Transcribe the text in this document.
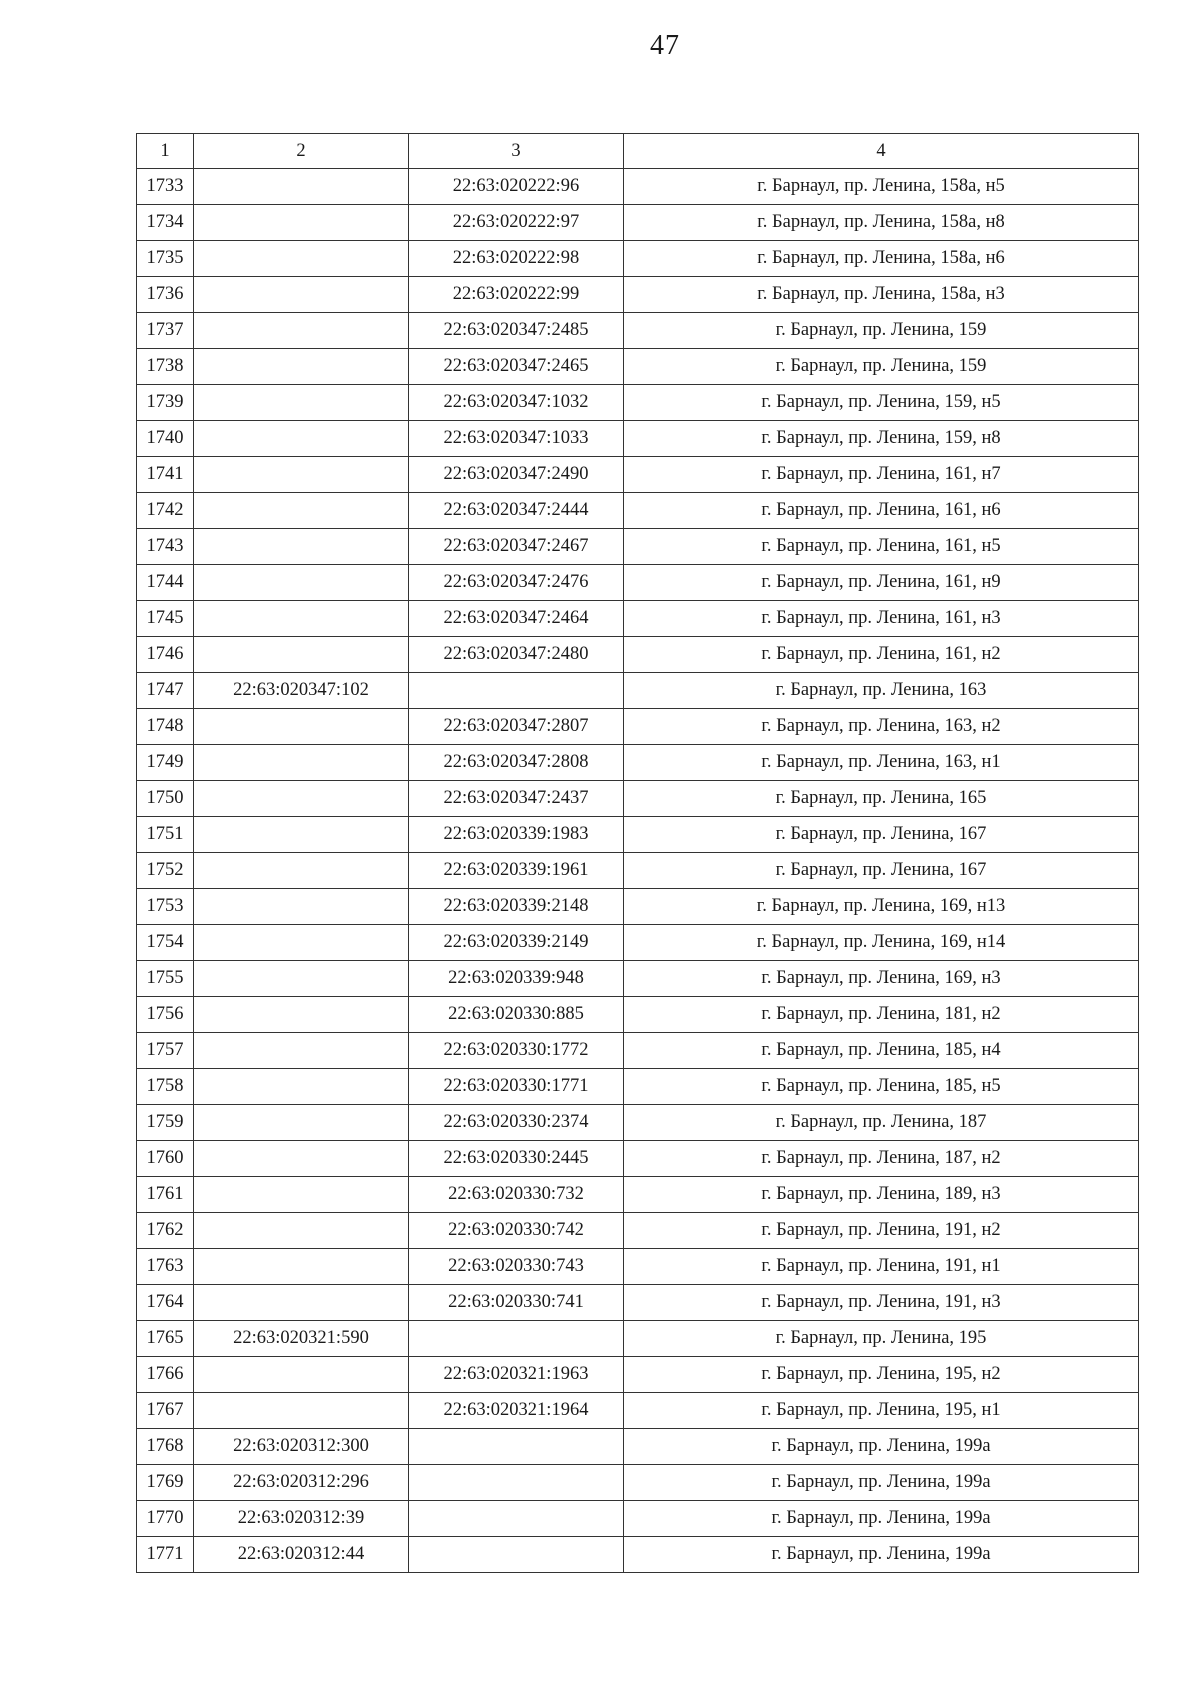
47
1	2	3	4
1733		22:63:020222:96	г. Барнаул, пр. Ленина, 158а, н5
1734		22:63:020222:97	г. Барнаул, пр. Ленина, 158а, н8
1735		22:63:020222:98	г. Барнаул, пр. Ленина, 158а, н6
1736		22:63:020222:99	г. Барнаул, пр. Ленина, 158а, н3
1737		22:63:020347:2485	г. Барнаул, пр. Ленина, 159
1738		22:63:020347:2465	г. Барнаул, пр. Ленина, 159
1739		22:63:020347:1032	г. Барнаул, пр. Ленина, 159, н5
1740		22:63:020347:1033	г. Барнаул, пр. Ленина, 159, н8
1741		22:63:020347:2490	г. Барнаул, пр. Ленина, 161, н7
1742		22:63:020347:2444	г. Барнаул, пр. Ленина, 161, н6
1743		22:63:020347:2467	г. Барнаул, пр. Ленина, 161, н5
1744		22:63:020347:2476	г. Барнаул, пр. Ленина, 161, н9
1745		22:63:020347:2464	г. Барнаул, пр. Ленина, 161, н3
1746		22:63:020347:2480	г. Барнаул, пр. Ленина, 161, н2
1747	22:63:020347:102		г. Барнаул, пр. Ленина, 163
1748		22:63:020347:2807	г. Барнаул, пр. Ленина, 163, н2
1749		22:63:020347:2808	г. Барнаул, пр. Ленина, 163, н1
1750		22:63:020347:2437	г. Барнаул, пр. Ленина, 165
1751		22:63:020339:1983	г. Барнаул, пр. Ленина, 167
1752		22:63:020339:1961	г. Барнаул, пр. Ленина, 167
1753		22:63:020339:2148	г. Барнаул, пр. Ленина, 169, н13
1754		22:63:020339:2149	г. Барнаул, пр. Ленина, 169, н14
1755		22:63:020339:948	г. Барнаул, пр. Ленина, 169, н3
1756		22:63:020330:885	г. Барнаул, пр. Ленина, 181, н2
1757		22:63:020330:1772	г. Барнаул, пр. Ленина, 185, н4
1758		22:63:020330:1771	г. Барнаул, пр. Ленина, 185, н5
1759		22:63:020330:2374	г. Барнаул, пр. Ленина, 187
1760		22:63:020330:2445	г. Барнаул, пр. Ленина, 187, н2
1761		22:63:020330:732	г. Барнаул, пр. Ленина, 189, н3
1762		22:63:020330:742	г. Барнаул, пр. Ленина, 191, н2
1763		22:63:020330:743	г. Барнаул, пр. Ленина, 191, н1
1764		22:63:020330:741	г. Барнаул, пр. Ленина, 191, н3
1765	22:63:020321:590		г. Барнаул, пр. Ленина, 195
1766		22:63:020321:1963	г. Барнаул, пр. Ленина, 195, н2
1767		22:63:020321:1964	г. Барнаул, пр. Ленина, 195, н1
1768	22:63:020312:300		г. Барнаул, пр. Ленина, 199а
1769	22:63:020312:296		г. Барнаул, пр. Ленина, 199а
1770	22:63:020312:39		г. Барнаул, пр. Ленина, 199а
1771	22:63:020312:44		г. Барнаул, пр. Ленина, 199а
